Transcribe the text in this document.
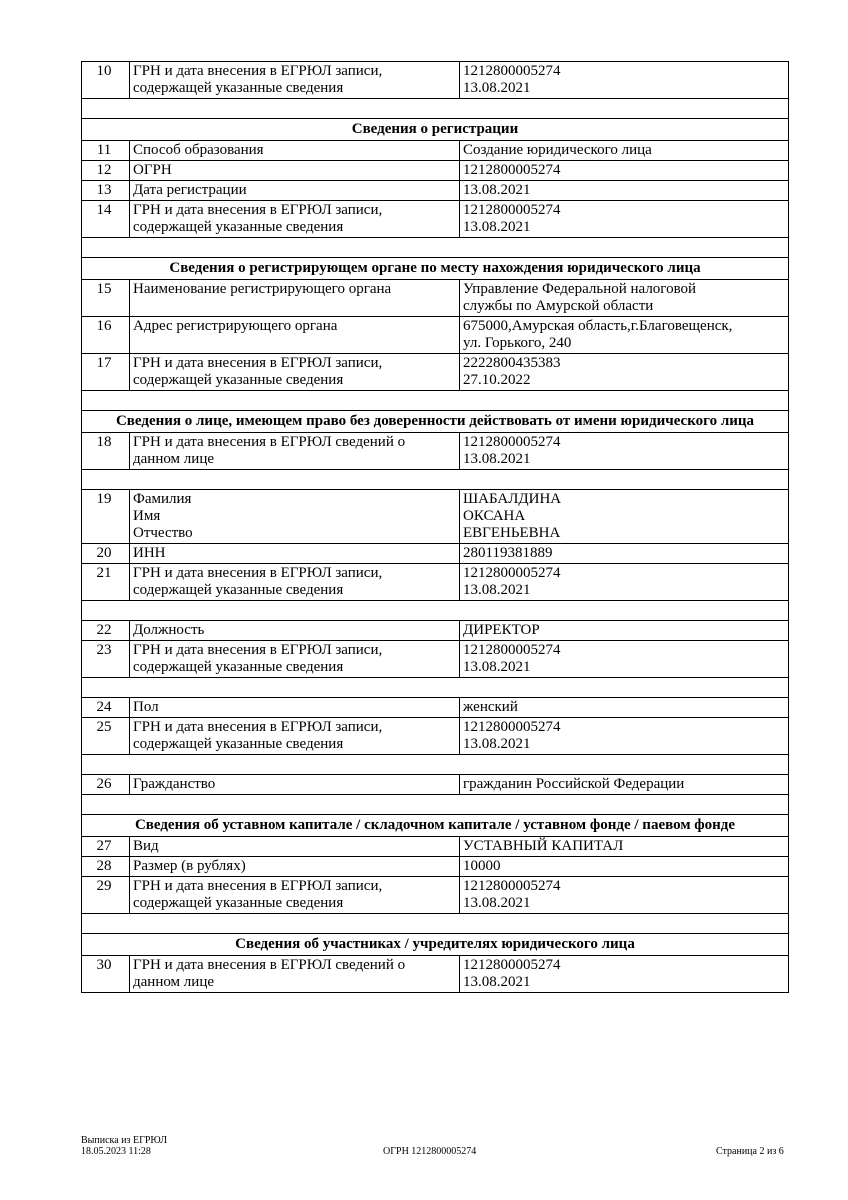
10	ГРН и дата внесения в ЕГРЮЛ записи,
содержащей указанные сведения	1212800005274
13.08.2021

Сведения о регистрации		
11	Способ образования	Создание юридического лица

12	ОГРН	1212800005274

13	Дата регистрации	13.08.2021

14	ГРН и дата внесения в ЕГРЮЛ записи,
содержащей указанные сведения	1212800005274
13.08.2021

Сведения о регистрирующем органе по месту нахождения юридического лица		
15	Наименование регистрирующего органа	Управление Федеральной налоговой
службы по Амурской области

16	Адрес регистрирующего органа	675000,Амурская область,г.Благовещенск,
ул. Горького, 240

17	ГРН и дата внесения в ЕГРЮЛ записи,
содержащей указанные сведения	2222800435383
27.10.2022

Сведения о лице, имеющем право без доверенности действовать от имени юридического лица		
18	ГРН и дата внесения в ЕГРЮЛ сведений о
данном лице	1212800005274
13.08.2021

19	Фамилия
Имя
Отчество	ШАБАЛДИНА
ОКСАНА
ЕВГЕНЬЕВНА

20	ИНН	280119381889

21	ГРН и дата внесения в ЕГРЮЛ записи,
содержащей указанные сведения	1212800005274
13.08.2021

22	Должность	ДИРЕКТОР

23	ГРН и дата внесения в ЕГРЮЛ записи,
содержащей указанные сведения	1212800005274
13.08.2021

24	Пол	женский

25	ГРН и дата внесения в ЕГРЮЛ записи,
содержащей указанные сведения	1212800005274
13.08.2021

26	Гражданство	гражданин Российской Федерации

Сведения об уставном капитале / складочном капитале / уставном фонде / паевом фонде		
27	Вид	УСТАВНЫЙ КАПИТАЛ

28	Размер (в рублях)	10000

29	ГРН и дата внесения в ЕГРЮЛ записи,
содержащей указанные сведения	1212800005274
13.08.2021

Сведения об участниках / учредителях юридического лица		
30	ГРН и дата внесения в ЕГРЮЛ сведений о
данном лице	1212800005274
13.08.2021
Выписка из ЕГРЮЛ
18.05.2023 11:28	ОГРН 1212800005274	Страница 2 из 6
